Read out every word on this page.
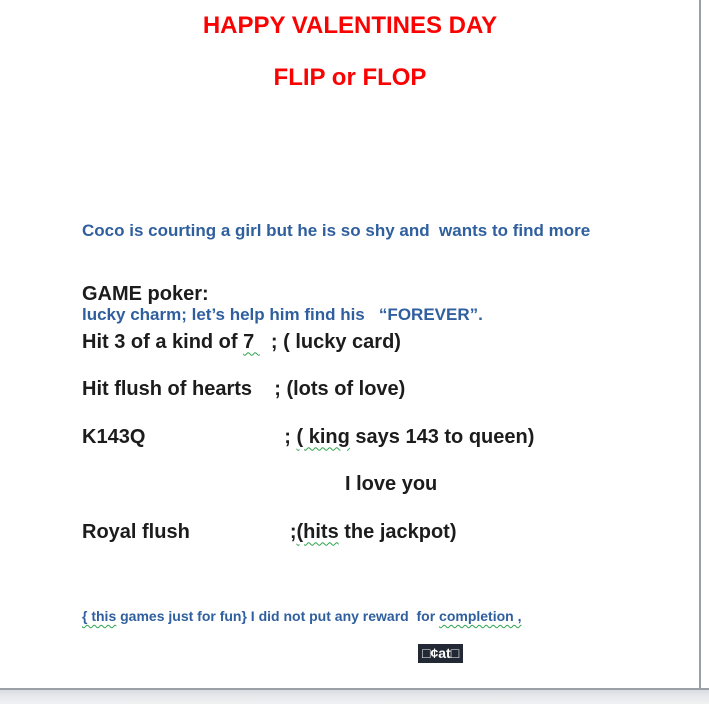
HAPPY VALENTINES DAY
FLIP or FLOP

Coco is courting a girl but he is so shy and  wants to find more

lucky charm; let’s help him find his   “FOREVER”.

GAME poker:
Hit 3 of a kind of 7   ; ( lucky card)
Hit flush of hearts    ; (lots of love)
K143Q                         ; ( king says 143 to queen)
I love you
Royal flush                  ;(hits the jackpot)
{ this games just for fun} I did not put any reward  for completion ,
□¢at□
